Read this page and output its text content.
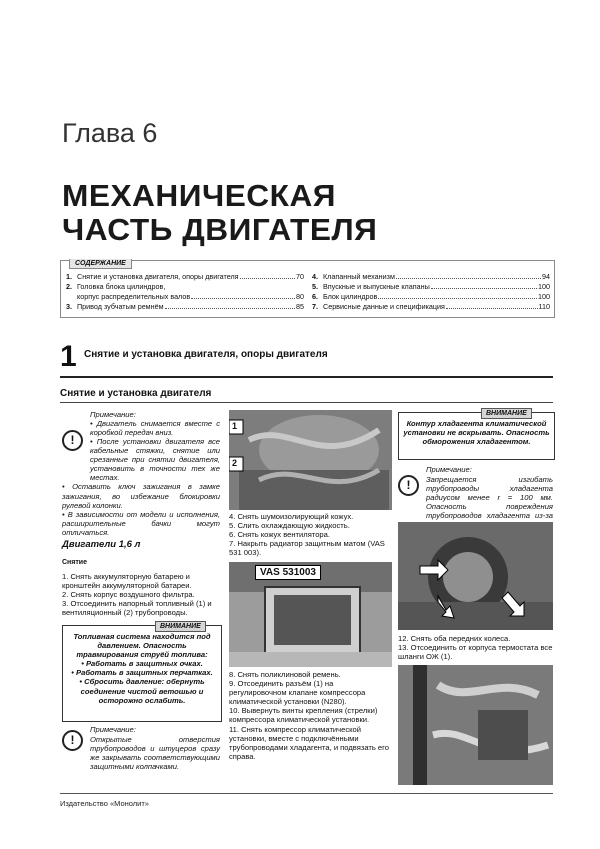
Глава 6
МЕХАНИЧЕСКАЯ
ЧАСТЬ ДВИГАТЕЛЯ
СОДЕРЖАНИЕ
1. Снятие и установка двигателя, опоры двигателя	70
2. Головка блока цилиндров,
корпус распределительных валов	80
3. Привод зубчатым ремнём	85
4. Клапанный механизм	94
5. Впускные и выпускные клапаны	100
6. Блок цилиндров	100
7. Сервисные данные и спецификация	110
1 Снятие и установка двигателя, опоры двигателя
Снятие и установка двигателя
!
Примечание:
• Двигатель снимается вместе с коробкой передач вниз.
• После установки двигателя все кабельные стяжки, снятие или срезанные при снятии двигателя, установить в точности тех же местах.
• Оставить ключ зажигания в замке зажигания, во избежание блокировки рулевой колонки.
• В зависимости от модели и исполнения, расширительные бачки могут отличаться.
Двигатели 1,6 л
Снятие
1. Снять аккумуляторную батарею и кронштейн аккумуляторной батареи.
2. Снять корпус воздушного фильтра.
3. Отсоединить напорный топливный (1) и вентиляционный (2) трубопроводы.
ВНИМАНИЕ
Топливная система находится под давлением. Опасность травмирования струёй топлива:
• Работать в защитных очках.
• Работать в защитных перчатках.
• Сбросить давление: обернуть соединение чистой ветошью и осторожно ослабить.
!
Примечание:
Открытые отверстия трубопроводов и штуцеров сразу же закрывать соответствующими защитными колпачками.
1
2
4. Снять шумоизолирующий кожух.
5. Слить охлаждающую жидкость.
6. Снять кожух вентилятора.
7. Накрыть радиатор защитным матом (VAS 531 003).
VAS 531003
8. Снять поликлиновой ремень.
9. Отсоединить разъём (1) на регулировочном клапане компрессора климатической установки (N280).
10. Вывернуть винты крепления (стрелки) компрессора климатической установки.
11. Снять компрессор климатической установки, вместе с подключёнными трубопроводами хладагента, и подвязать его справа.
ВНИМАНИЕ
Контур хладагента климатической установки не вскрывать. Опасность обморожения хладагентом.
!
Примечание:
Запрещается изгибать трубопроводы хладагента радиусом менее r = 100 мм. Опасность повреждения трубопроводов хладагента из-за
12. Снять оба передних колеса.
13. Отсоединить от корпуса термостата все шланги ОЖ (1).
Издательство «Монолит»
